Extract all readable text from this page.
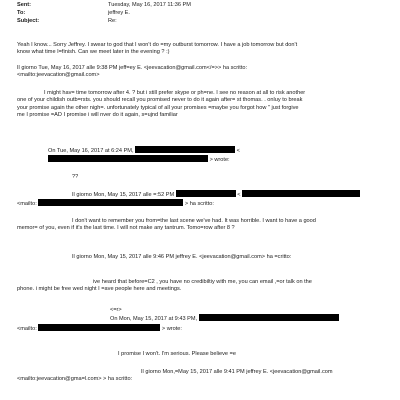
Sent:	Tuesday, May 16, 2017 11:36 PM
To:	jeffrey E.
Subject:	Re:

Yeah I know... Sorry Jeffrey. I swear to god that I won't do =my outburst tomorrow. I have a job tomorrow but don't

know what time I=finish. Can we meet later in the evening ? :)

Il giorno Tue, May 16, 2017 alle 9:38 PM jeff=ey E. <jeevacation@gmail.com</=>> ha scritto:

<mailto:jeevacation@gmail.com>

I might hav= time tomorrow after 4. ? but i still prefer skype or ph=ne. I see no reason at all to risk another

one of your childish outb=rsts. you should recall you promised never to do it again after= st thomas. . onluy to break

your promise again the other nigh=. unfortunately typical of all your promises =maybe you forgot how " just forgive

me I promise =AD I promise i will nver do it again, s=ujnd familiar

On Tue, May 16, 2017 at 6:24 PM,	<  > wrote:
??

Il giorno Mon, May 15, 2017 alle =:52 PM	<

<mailto:	> ha scritto:

I don't want to remember you from=the last scene we've had. It was horrible. I want to have a good

memor= of you, even if it's the last time. I will not make any tantrum. Tomo=row after 8 ?

Il giorno Mon, May 15, 2017 alle 9:46 PM jeffrey E. <jeevacation@gmail.com> ha =critto:

ive heard that before=C2 , you have no credibiltiy with me, you can email ,=or talk on the

phone. i might be free wed night I =ave people here and meetings.

<=r>

On Mon, May 15, 2017 at 9:43 PM,

<mailto:	> wrote:

I promise I won't. I'm serious. Please believe =e

Il giorno Mon,=May 15, 2017 alle 9:41 PM jeffrey E. <jeevacation@gmail.com

<mailto:jeevacation@gma=l.com> > ha scritto:
